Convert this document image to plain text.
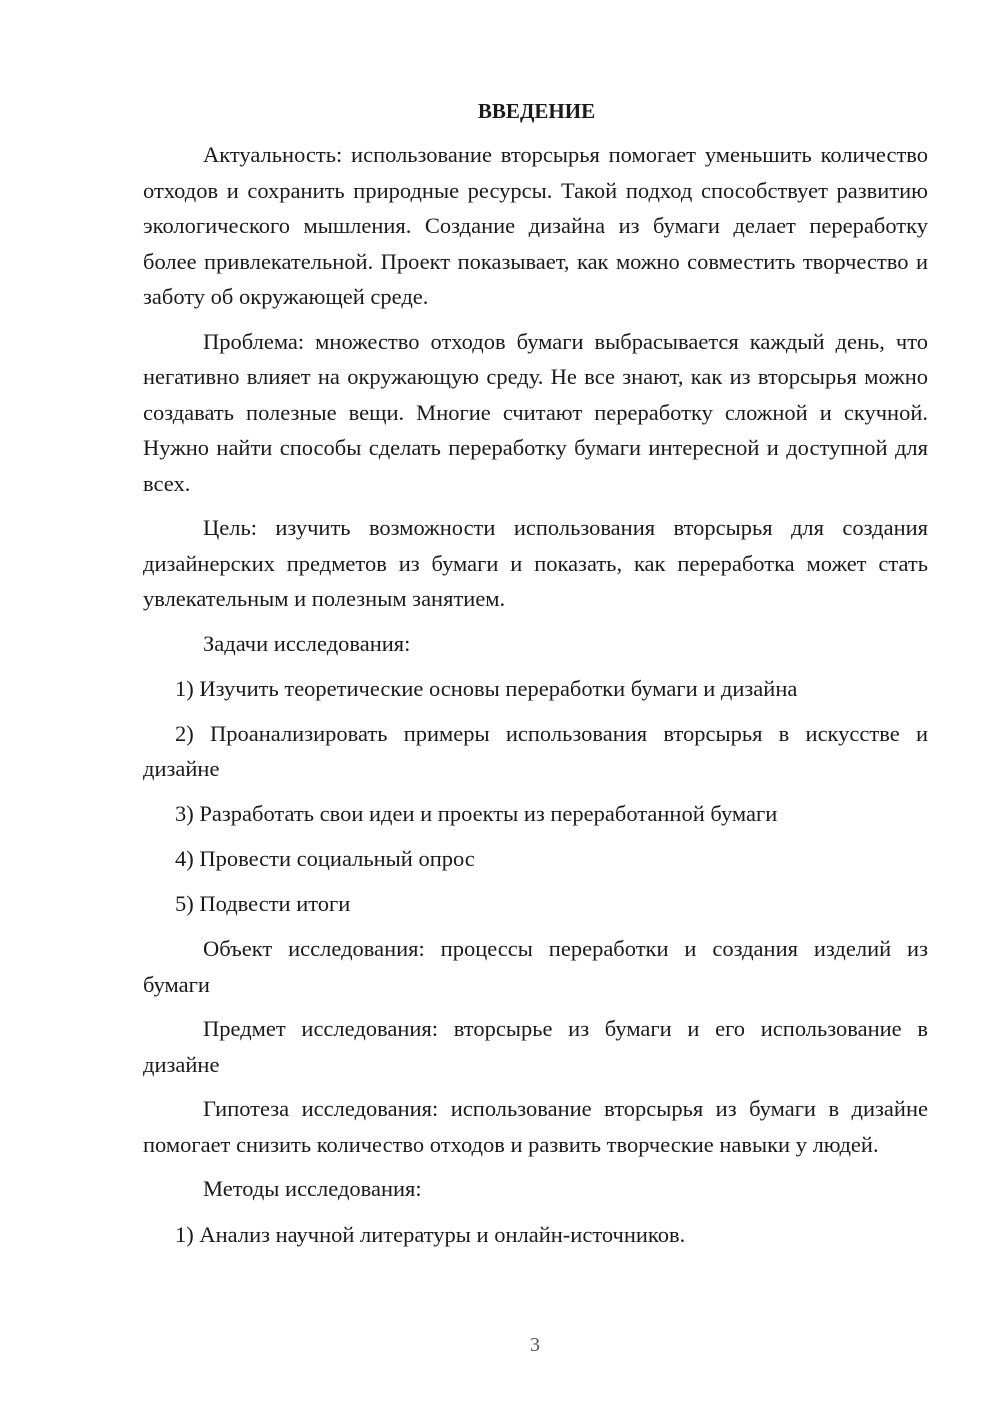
ВВЕДЕНИЕ

Актуальность: использование вторсырья помогает уменьшить количество отходов и сохранить природные ресурсы. Такой подход способствует развитию экологического мышления. Создание дизайна из бумаги делает переработку более привлекательной. Проект показывает, как можно совместить творчество и заботу об окружающей среде.

Проблема: множество отходов бумаги выбрасывается каждый день, что негативно влияет на окружающую среду. Не все знают, как из вторсырья можно создавать полезные вещи. Многие считают переработку сложной и скучной. Нужно найти способы сделать переработку бумаги интересной и доступной для всех.

Цель: изучить возможности использования вторсырья для создания дизайнерских предметов из бумаги и показать, как переработка может стать увлекательным и полезным занятием.

Задачи исследования:

1) Изучить теоретические основы переработки бумаги и дизайна

2) Проанализировать примеры использования вторсырья в искусстве и дизайне

3) Разработать свои идеи и проекты из переработанной бумаги

4) Провести социальный опрос

5) Подвести итоги

Объект исследования: процессы переработки и создания изделий из бумаги

Предмет исследования: вторсырье из бумаги и его использование в дизайне

Гипотеза исследования: использование вторсырья из бумаги в дизайне помогает снизить количество отходов и развить творческие навыки у людей.

Методы исследования:

1) Анализ научной литературы и онлайн-источников.

3
